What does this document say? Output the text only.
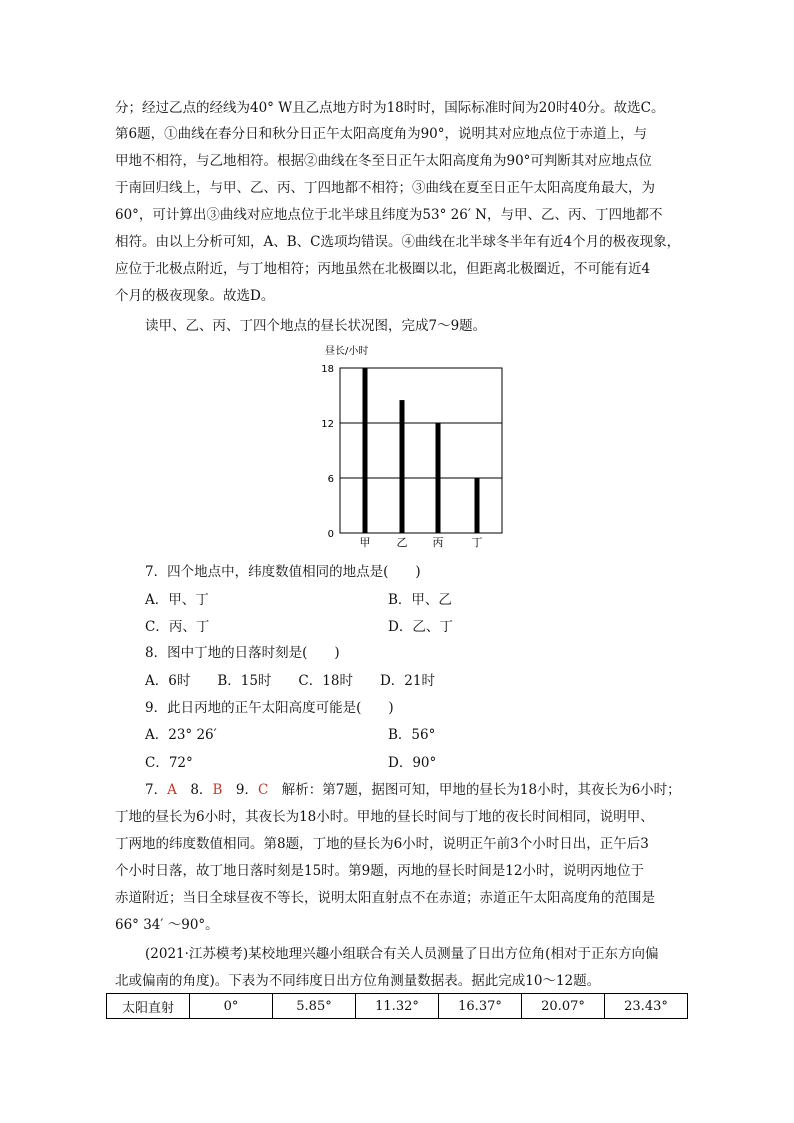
分；经过乙点的经线为40° W且乙点地方时为18时时，国际标准时间为20时40分。故选C。
第6题，①曲线在春分日和秋分日正午太阳高度角为90°，说明其对应地点位于赤道上，与
甲地不相符，与乙地相符。根据②曲线在冬至日正午太阳高度角为90°可判断其对应地点位
于南回归线上，与甲、乙、丙、丁四地都不相符；③曲线在夏至日正午太阳高度角最大，为
60°，可计算出③曲线对应地点位于北半球且纬度为53° 26′ N，与甲、乙、丙、丁四地都不
相符。由以上分析可知，A、B、C选项均错误。④曲线在北半球冬半年有近4个月的极夜现象，
应位于北极点附近，与丁地相符；丙地虽然在北极圈以北，但距离北极圈近，不可能有近4
个月的极夜现象。故选D。
读甲、乙、丙、丁四个地点的昼长状况图，完成7～9题。
昼长/小时
0
6
12
18
甲 乙 丙	丁
7．四个地点中，纬度数值相同的地点是(　　)
A．甲、丁	B．甲、乙
C．丙、丁	D．乙、丁
8．图中丁地的日落时刻是(　　)
A．6时　　B．15时　　C．18时　　D．21时
9．此日丙地的正午太阳高度可能是(　　)
A．23° 26′	B．56°
C．72°	D．90°
7．A　8．B　9．C　解析：第7题，据图可知，甲地的昼长为18小时，其夜长为6小时；
丁地的昼长为6小时，其夜长为18小时。甲地的昼长时间与丁地的夜长时间相同，说明甲、
丁两地的纬度数值相同。第8题，丁地的昼长为6小时，说明正午前3个小时日出，正午后3
个小时日落，故丁地日落时刻是15时。第9题，丙地的昼长时间是12小时，说明丙地位于
赤道附近；当日全球昼夜不等长，说明太阳直射点不在赤道；赤道正午太阳高度角的范围是
66° 34′ ～90°。
(2021·江苏模考)某校地理兴趣小组联合有关人员测量了日出方位角(相对于正东方向偏
北或偏南的角度)。下表为不同纬度日出方位角测量数据表。据此完成10～12题。
太阳直射	0°	5.85°	11.32°	16.37°	20.07°	23.43°
